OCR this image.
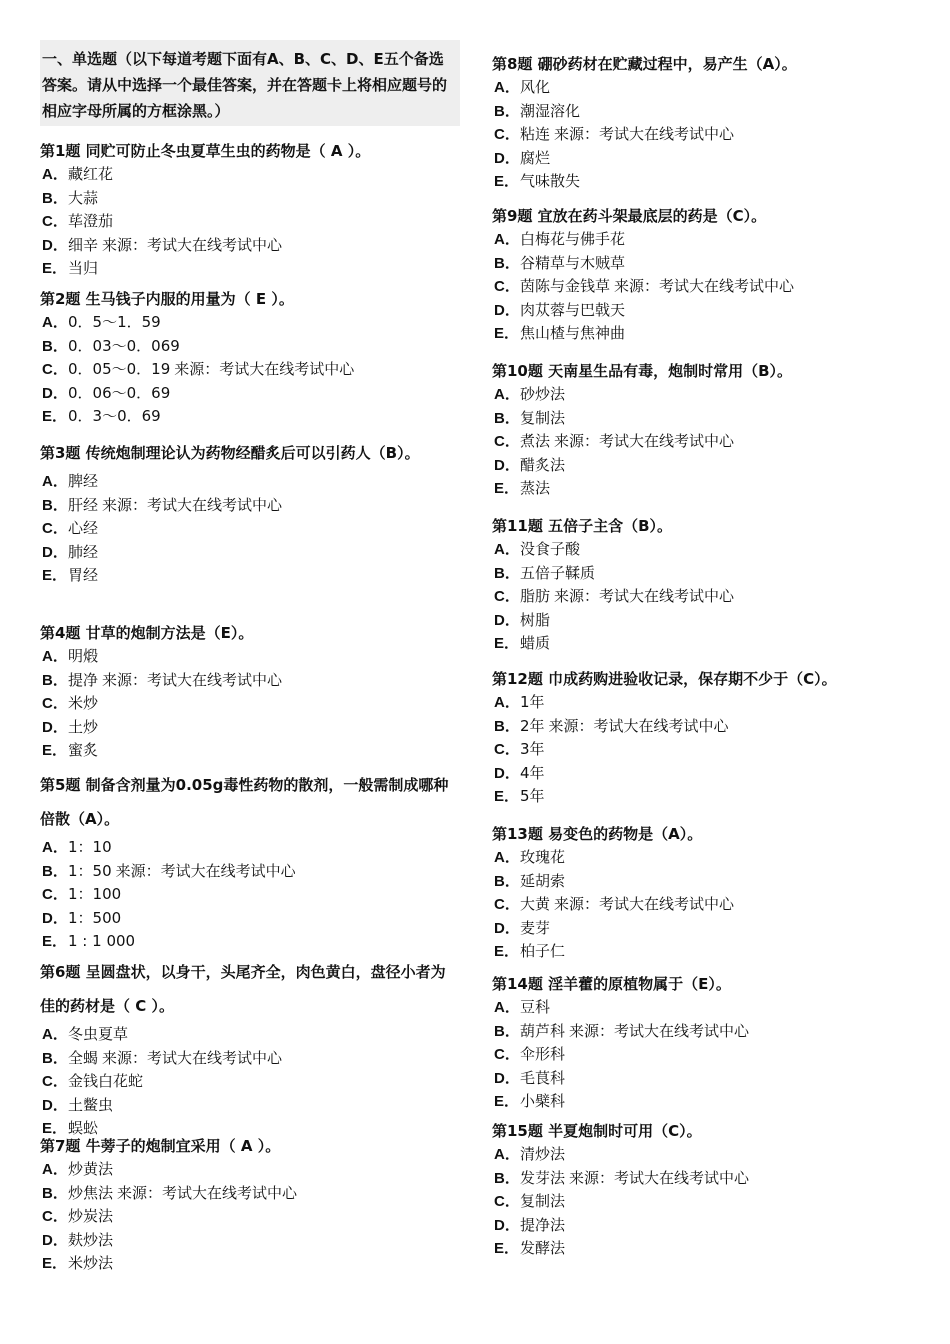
一、单选题（以下每道考题下面有A、B、C、D、E五个备选答案。请从中选择一个最佳答案，并在答题卡上将相应题号的相应字母所属的方框涂黑。）
第1题 同贮可防止冬虫夏草生虫的药物是（ A ）。
A．藏红花
B．大蒜
C．荜澄茄
D．细辛 来源：考试大在线考试中心
E．当归
第2题 生马钱子内服的用量为（ E ）。
A．0．5～1．59
B．0．03～0．069
C．0．05～0．19 来源：考试大在线考试中心
D．0．06～0．69
E．0．3～0．69
第3题 传统炮制理论认为药物经醋炙后可以引药人（B）。
A．脾经
B．肝经 来源：考试大在线考试中心
C．心经
D．肺经
E．胃经
第4题 甘草的炮制方法是（E）。
A．明煅
B．提净 来源：考试大在线考试中心
C．米炒
D．土炒
E．蜜炙
第5题 制备含剂量为0.05g毒性药物的散剂，一般需制成哪种倍散（A）。
A．1：10
B．1：50 来源：考试大在线考试中心
C．1：100
D．1：500
E．1 : 1 000
第6题 呈圆盘状，以身干，头尾齐全，肉色黄白，盘径小者为佳的药材是（ C ）。
A．冬虫夏草
B．全蝎 来源：考试大在线考试中心
C．金钱白花蛇
D．土鳖虫
E．蜈蚣
第7题 牛蒡子的炮制宜采用（ A ）。
A．炒黄法
B．炒焦法 来源：考试大在线考试中心
C．炒炭法
D．麸炒法
E．米炒法
第8题 硼砂药材在贮藏过程中，易产生（A）。
A．风化
B．潮湿溶化
C．粘连 来源：考试大在线考试中心
D．腐烂
E．气味散失
第9题 宜放在药斗架最底层的药是（C）。
A．白梅花与佛手花
B．谷精草与木贼草
C．茵陈与金钱草 来源：考试大在线考试中心
D．肉苁蓉与巴戟天
E．焦山楂与焦神曲
第10题 天南星生品有毒，炮制时常用（B）。
A．砂炒法
B．复制法
C．煮法 来源：考试大在线考试中心
D．醋炙法
E．蒸法
第11题 五倍子主含（B）。
A．没食子酸
B．五倍子鞣质
C．脂肪 来源：考试大在线考试中心
D．树脂
E．蜡质
第12题 巾成药购进验收记录，保存期不少于（C）。
A．1年
B．2年 来源：考试大在线考试中心
C．3年
D．4年
E．5年
第13题 易变色的药物是（A）。
A．玫瑰花
B．延胡索
C．大黄 来源：考试大在线考试中心
D．麦芽
E．柏子仁
第14题 淫羊藿的原植物属于（E）。
A．豆科
B．葫芦科 来源：考试大在线考试中心
C．伞形科
D．毛茛科
E．小檗科
第15题 半夏炮制时可用（C）。
A．清炒法
B．发芽法 来源：考试大在线考试中心
C．复制法
D．提净法
E．发酵法
